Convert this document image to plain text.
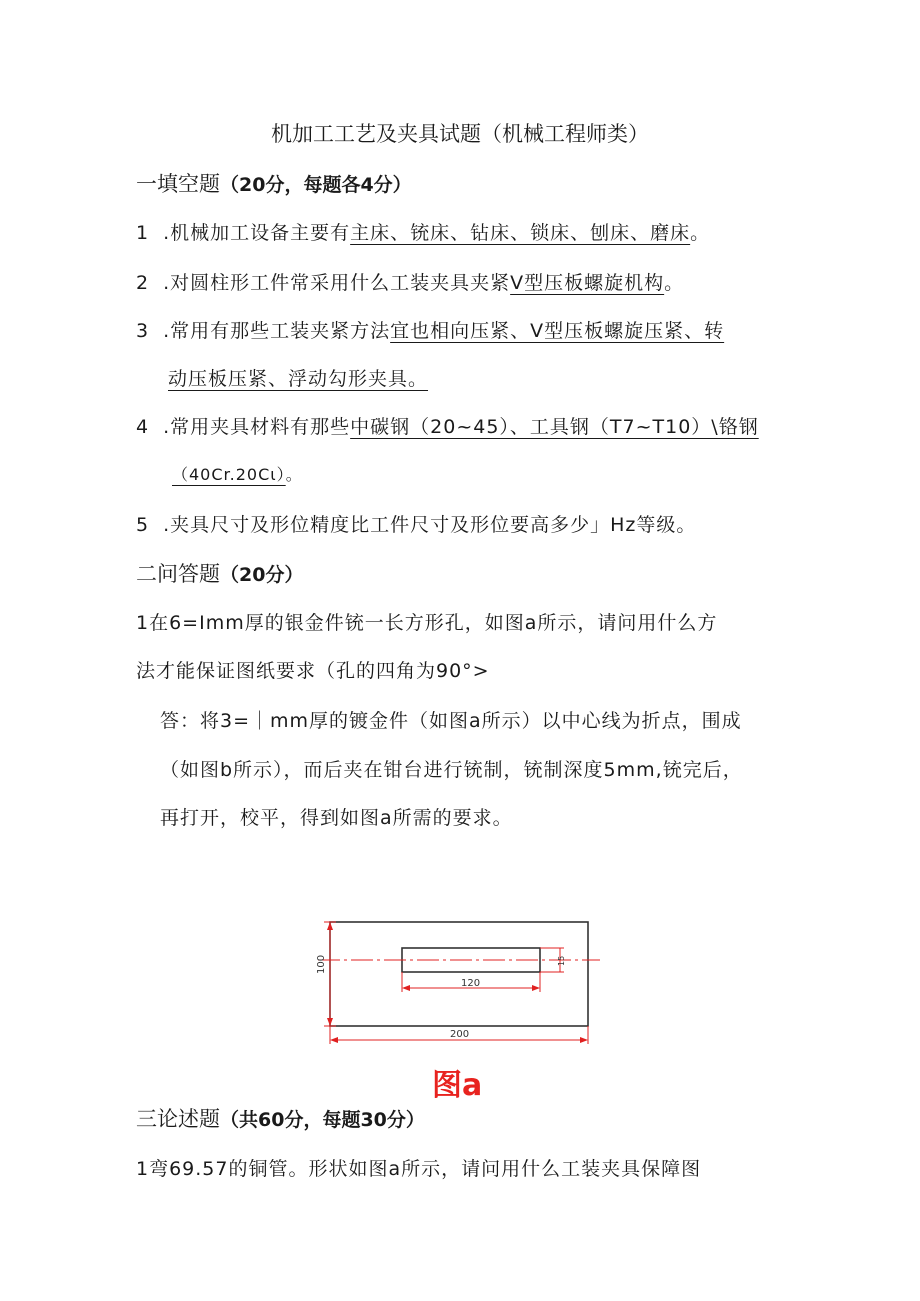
机加工工艺及夹具试题（机械工程师类）
一填空题（20分，每题各4分）
1 .机械加工设备主要有主床、铳床、钻床、锁床、刨床、磨床。
2 .对圆柱形工件常采用什么工装夹具夹紧V型压板螺旋机构。
3 .常用有那些工装夹紧方法宜也相向压紧、V型压板螺旋压紧、转
动压板压紧、浮动勾形夹具。
4 .常用夹具材料有那些中碳钢（20~45）、工具钢（T7~T10）\铬钢
（40Cr.20Cι）。
5 .夹具尺寸及形位精度比工件尺寸及形位要高多少」Hz等级。
二问答题（20分）
1在6=Imm厚的银金件铳一长方形孔，如图a所示，请问用什么方
法才能保证图纸要求（孔的四角为90°>
答：将3=｜mm厚的镀金件（如图a所示）以中心线为折点，围成
（如图b所示），而后夹在钳台进行铳制，铳制深度5mm,铳完后，
再打开，校平，得到如图a所需的要求。
100
120
15
200
图a
三论述题（共60分，每题30分）
1弯69.57的铜管。形状如图a所示，请问用什么工装夹具保障图
